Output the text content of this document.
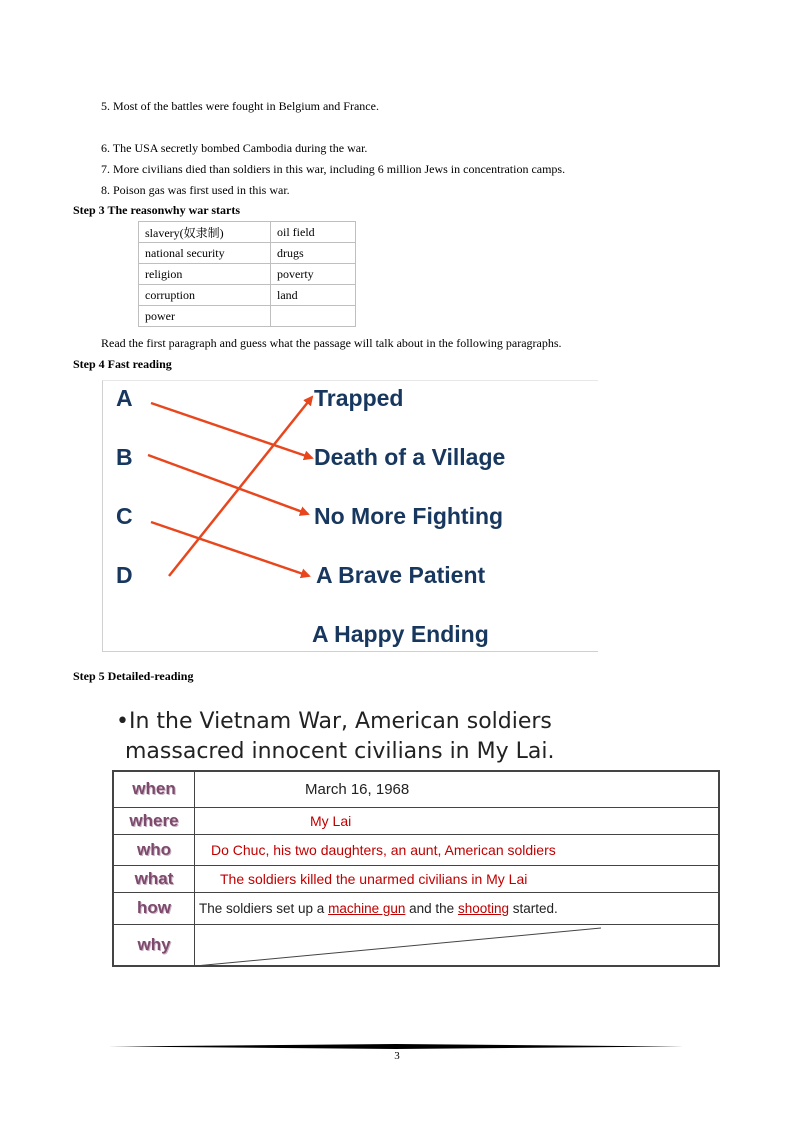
5. Most of the battles were fought in Belgium and France.
6. The USA secretly bombed Cambodia during the war.
7. More civilians died than soldiers in this war, including 6 million Jews in concentration camps.
8. Poison gas was first used in this war.
Step 3 The reasonwhy war starts
slavery(奴隶制)	oil field
national security	drugs
religion	poverty
corruption	land
power	
Read the first paragraph and guess what the passage will talk about in the following paragraphs.
Step 4 Fast reading
A
B
C
D
Trapped
Death of a Village
No More Fighting
A Brave Patient
A Happy Ending
Step 5 Detailed-reading
•In the Vietnam War, American soldiers
massacred innocent civilians in My Lai.
when	March 16, 1968
where	My Lai
who	Do Chuc, his two daughters, an aunt, American soldiers
what	The soldiers killed the unarmed civilians in My Lai
how	The soldiers set up a machine gun and the shooting started.
why	
3
